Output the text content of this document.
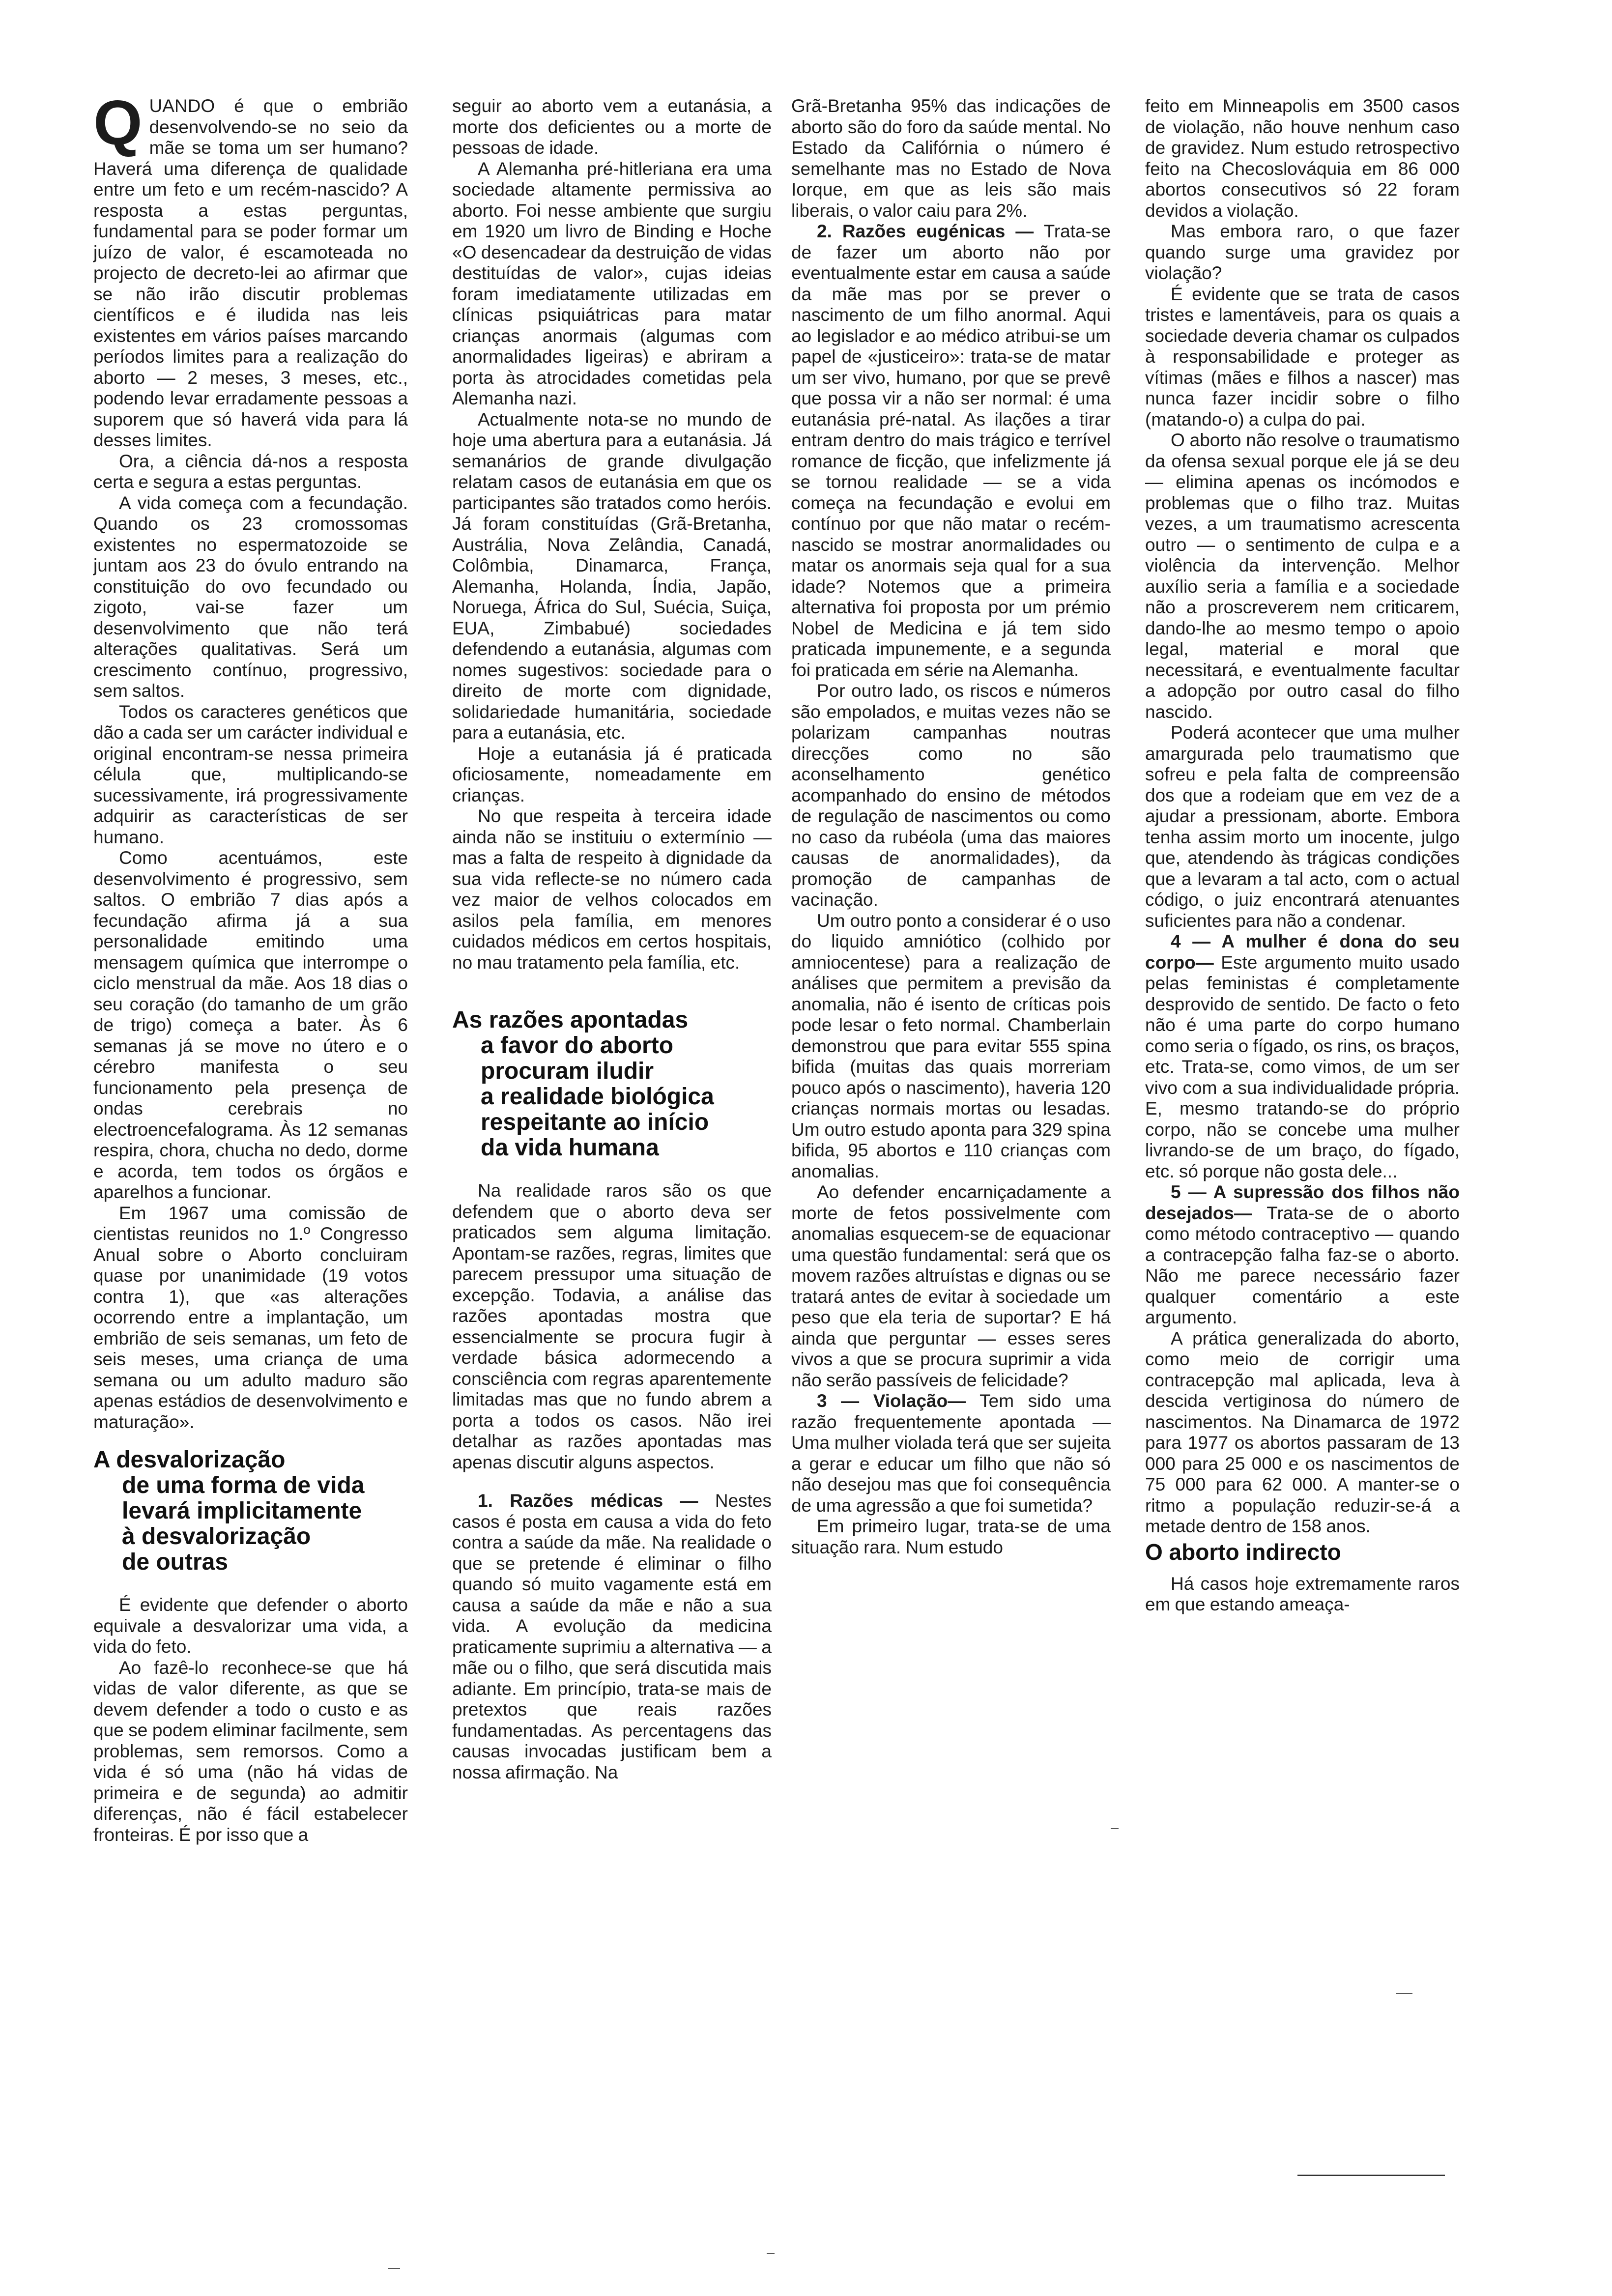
QUANDO é que o embrião desenvolvendo-se no seio da mãe se toma um ser humano? Haverá uma diferença de qualidade entre um feto e um recém-nascido? A resposta a estas perguntas, fundamental para se poder formar um juízo de valor, é escamoteada no projecto de decreto-lei ao afirmar que se não irão discutir problemas científicos e é iludida nas leis existentes em vários países marcando períodos limites para a realização do aborto — 2 meses, 3 meses, etc., podendo levar erradamente pessoas a suporem que só haverá vida para lá desses limites.

Ora, a ciência dá-nos a resposta certa e segura a estas perguntas.

A vida começa com a fecundação. Quando os 23 cromossomas existentes no espermatozoide se juntam aos 23 do óvulo entrando na constituição do ovo fecundado ou zigoto, vai-se fazer um desenvolvimento que não terá alterações qualitativas. Será um crescimento contínuo, progressivo, sem saltos.

Todos os caracteres genéticos que dão a cada ser um carácter individual e original encontram-se nessa primeira célula que, multiplicando-se sucessivamente, irá progressivamente adquirir as características de ser humano.

Como acentuámos, este desenvolvimento é progressivo, sem saltos. O embrião 7 dias após a fecundação afirma já a sua personalidade emitindo uma mensagem química que interrompe o ciclo menstrual da mãe. Aos 18 dias o seu coração (do tamanho de um grão de trigo) começa a bater. Às 6 semanas já se move no útero e o cérebro manifesta o seu funcionamento pela presença de ondas cerebrais no electroencefalograma. Às 12 semanas respira, chora, chucha no dedo, dorme e acorda, tem todos os órgãos e aparelhos a funcionar.

Em 1967 uma comissão de cientistas reunidos no 1.º Congresso Anual sobre o Aborto concluiram quase por unanimidade (19 votos contra 1), que «as alterações ocorrendo entre a implantação, um embrião de seis semanas, um feto de seis meses, uma criança de uma semana ou um adulto maduro são apenas estádios de desenvolvimento e maturação».

A desvalorização
de uma forma de vida
levará implicitamente
à desvalorização
de outras

É evidente que defender o aborto equivale a desvalorizar uma vida, a vida do feto.

Ao fazê-lo reconhece-se que há vidas de valor diferente, as que se devem defender a todo o custo e as que se podem eliminar facilmente, sem problemas, sem remorsos. Como a vida é só uma (não há vidas de primeira e de segunda) ao admitir diferenças, não é fácil estabelecer fronteiras. É por isso que a

seguir ao aborto vem a eutanásia, a morte dos deficientes ou a morte de pessoas de idade.

A Alemanha pré-hitleriana era uma sociedade altamente permissiva ao aborto. Foi nesse ambiente que surgiu em 1920 um livro de Binding e Hoche «O desencadear da destruição de vidas destituídas de valor», cujas ideias foram imediatamente utilizadas em clínicas psiquiátricas para matar crianças anormais (algumas com anormalidades ligeiras) e abriram a porta às atrocidades cometidas pela Alemanha nazi.

Actualmente nota-se no mundo de hoje uma abertura para a eutanásia. Já semanários de grande divulgação relatam casos de eutanásia em que os participantes são tratados como heróis. Já foram constituídas (Grã-Bretanha, Austrália, Nova Zelândia, Canadá, Colômbia, Dinamarca, França, Alemanha, Holanda, Índia, Japão, Noruega, África do Sul, Suécia, Suiça, EUA, Zimbabué) sociedades defendendo a eutanásia, algumas com nomes sugestivos: sociedade para o direito de morte com dignidade, solidariedade humanitária, sociedade para a eutanásia, etc.

Hoje a eutanásia já é praticada oficiosamente, nomeadamente em crianças.

No que respeita à terceira idade ainda não se instituiu o extermínio — mas a falta de respeito à dignidade da sua vida reflecte-se no número cada vez maior de velhos colocados em asilos pela família, em menores cuidados médicos em certos hospitais, no mau tratamento pela família, etc.

As razões apontadas
a favor do aborto
procuram iludir
a realidade biológica
respeitante ao início
da vida humana

Na realidade raros são os que defendem que o aborto deva ser praticados sem alguma limitação. Apontam-se razões, regras, limites que parecem pressupor uma situação de excepção. Todavia, a análise das razões apontadas mostra que essencialmente se procura fugir à verdade básica adormecendo a consciência com regras aparentemente limitadas mas que no fundo abrem a porta a todos os casos. Não irei detalhar as razões apontadas mas apenas discutir alguns aspectos.

1. Razões médicas — Nestes casos é posta em causa a vida do feto contra a saúde da mãe. Na realidade o que se pretende é eliminar o filho quando só muito vagamente está em causa a saúde da mãe e não a sua vida. A evolução da medicina praticamente suprimiu a alternativa — a mãe ou o filho, que será discutida mais adiante. Em princípio, trata-se mais de pretextos que reais razões fundamentadas. As percentagens das causas invocadas justificam bem a nossa afirmação. Na

Grã-Bretanha 95% das indicações de aborto são do foro da saúde mental. No Estado da Califórnia o número é semelhante mas no Estado de Nova Iorque, em que as leis são mais liberais, o valor caiu para 2%.

2. Razões eugénicas — Trata-se de fazer um aborto não por eventualmente estar em causa a saúde da mãe mas por se prever o nascimento de um filho anormal. Aqui ao legislador e ao médico atribui-se um papel de «justiceiro»: trata-se de matar um ser vivo, humano, por que se prevê que possa vir a não ser normal: é uma eutanásia pré-natal. As ilações a tirar entram dentro do mais trágico e terrível romance de ficção, que infelizmente já se tornou realidade — se a vida começa na fecundação e evolui em contínuo por que não matar o recém-nascido se mostrar anormalidades ou matar os anormais seja qual for a sua idade? Notemos que a primeira alternativa foi proposta por um prémio Nobel de Medicina e já tem sido praticada impunemente, e a segunda foi praticada em série na Alemanha.

Por outro lado, os riscos e números são empolados, e muitas vezes não se polarizam campanhas noutras direcções como no são aconselhamento genético acompanhado do ensino de métodos de regulação de nascimentos ou como no caso da rubéola (uma das maiores causas de anormalidades), da promoção de campanhas de vacinação.

Um outro ponto a considerar é o uso do liquido amniótico (colhido por amniocentese) para a realização de análises que permitem a previsão da anomalia, não é isento de críticas pois pode lesar o feto normal. Chamberlain demonstrou que para evitar 555 spina bifida (muitas das quais morreriam pouco após o nascimento), haveria 120 crianças normais mortas ou lesadas. Um outro estudo aponta para 329 spina bifida, 95 abortos e 110 crianças com anomalias.

Ao defender encarniçadamente a morte de fetos possivelmente com anomalias esquecem-se de equacionar uma questão fundamental: será que os movem razões altruístas e dignas ou se tratará antes de evitar à sociedade um peso que ela teria de suportar? E há ainda que perguntar — esses seres vivos a que se procura suprimir a vida não serão passíveis de felicidade?

3 — Violação— Tem sido uma razão frequentemente apontada — Uma mulher violada terá que ser sujeita a gerar e educar um filho que não só não desejou mas que foi consequência de uma agressão a que foi sumetida?

Em primeiro lugar, trata-se de uma situação rara. Num estudo

feito em Minneapolis em 3500 casos de violação, não houve nenhum caso de gravidez. Num estudo retrospectivo feito na Checoslováquia em 86 000 abortos consecutivos só 22 foram devidos a violação.

Mas embora raro, o que fazer quando surge uma gravidez por violação?

É evidente que se trata de casos tristes e lamentáveis, para os quais a sociedade deveria chamar os culpados à responsabilidade e proteger as vítimas (mães e filhos a nascer) mas nunca fazer incidir sobre o filho (matando-o) a culpa do pai.

O aborto não resolve o traumatismo da ofensa sexual porque ele já se deu — elimina apenas os incómodos e problemas que o filho traz. Muitas vezes, a um traumatismo acrescenta outro — o sentimento de culpa e a violência da intervenção. Melhor auxílio seria a família e a sociedade não a proscreverem nem criticarem, dando-lhe ao mesmo tempo o apoio legal, material e moral que necessitará, e eventualmente facultar a adopção por outro casal do filho nascido.

Poderá acontecer que uma mulher amargurada pelo traumatismo que sofreu e pela falta de compreensão dos que a rodeiam que em vez de a ajudar a pressionam, aborte. Embora tenha assim morto um inocente, julgo que, atendendo às trágicas condições que a levaram a tal acto, com o actual código, o juiz encontrará atenuantes suficientes para não a condenar.

4 — A mulher é dona do seu corpo— Este argumento muito usado pelas feministas é completamente desprovido de sentido. De facto o feto não é uma parte do corpo humano como seria o fígado, os rins, os braços, etc. Trata-se, como vimos, de um ser vivo com a sua individualidade própria. E, mesmo tratando-se do próprio corpo, não se concebe uma mulher livrando-se de um braço, do fígado, etc. só porque não gosta dele...

5 — A supressão dos filhos não desejados— Trata-se de o aborto como método contraceptivo — quando a contracepção falha faz-se o aborto. Não me parece necessário fazer qualquer comentário a este argumento.

A prática generalizada do aborto, como meio de corrigir uma contracepção mal aplicada, leva à descida vertiginosa do número de nascimentos. Na Dinamarca de 1972 para 1977 os abortos passaram de 13 000 para 25 000 e os nascimentos de 75 000 para 62 000. A manter-se o ritmo a população reduzir-se-á a metade dentro de 158 anos.

O aborto indirecto

Há casos hoje extremamente raros em que estando ameaça-
